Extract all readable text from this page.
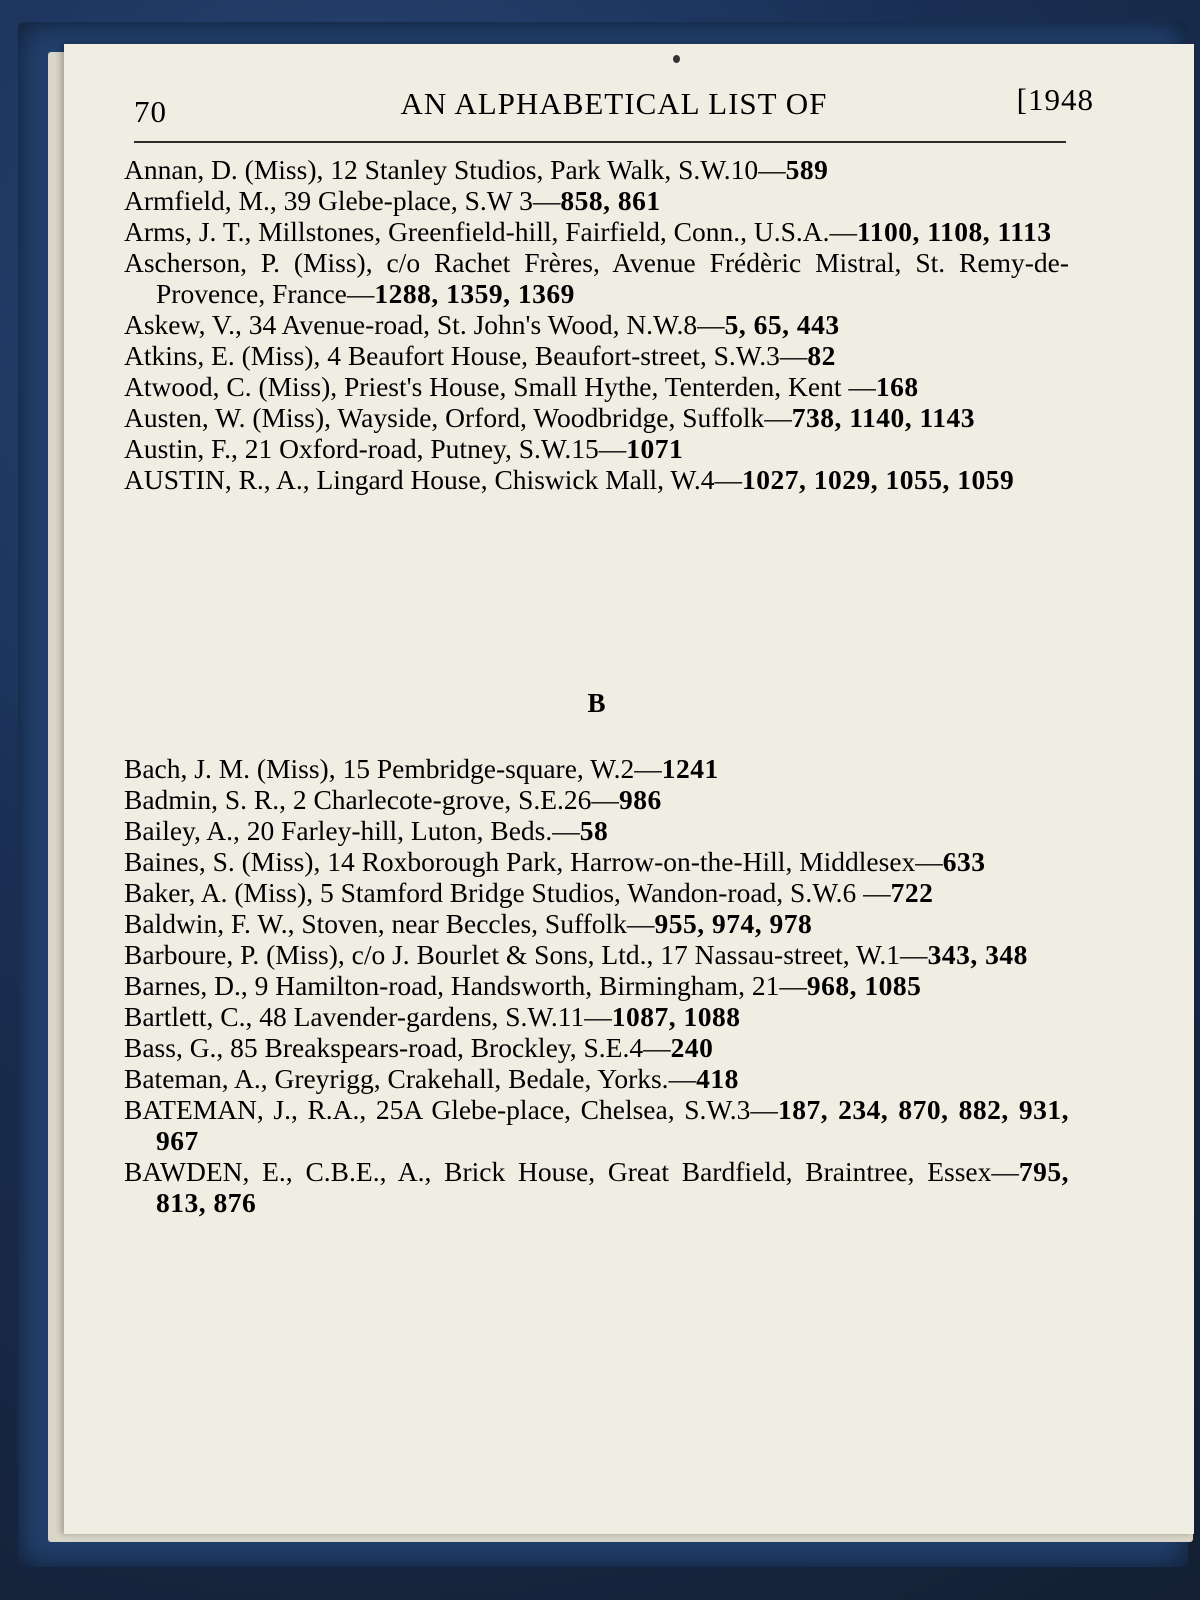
70	AN ALPHABETICAL LIST OF	[1948
Annan, D. (Miss), 12 Stanley Studios, Park Walk, S.W.10—589
Armfield, M., 39 Glebe-place, S.W 3—858, 861
Arms, J. T., Millstones, Greenfield-hill, Fairfield, Conn., U.S.A.—1100, 1108, 1113
Ascherson, P. (Miss), c/o Rachet Frères, Avenue Frédèric Mistral, St. Remy-de-Provence, France—1288, 1359, 1369
Askew, V., 34 Avenue-road, St. John's Wood, N.W.8—5, 65, 443
Atkins, E. (Miss), 4 Beaufort House, Beaufort-street, S.W.3—82
Atwood, C. (Miss), Priest's House, Small Hythe, Tenterden, Kent —168
Austen, W. (Miss), Wayside, Orford, Woodbridge, Suffolk—738, 1140, 1143
Austin, F., 21 Oxford-road, Putney, S.W.15—1071
AUSTIN, R., A., Lingard House, Chiswick Mall, W.4—1027, 1029, 1055, 1059
B
Bach, J. M. (Miss), 15 Pembridge-square, W.2—1241
Badmin, S. R., 2 Charlecote-grove, S.E.26—986
Bailey, A., 20 Farley-hill, Luton, Beds.—58
Baines, S. (Miss), 14 Roxborough Park, Harrow-on-the-Hill, Middlesex—633
Baker, A. (Miss), 5 Stamford Bridge Studios, Wandon-road, S.W.6 —722
Baldwin, F. W., Stoven, near Beccles, Suffolk—955, 974, 978
Barboure, P. (Miss), c/o J. Bourlet & Sons, Ltd., 17 Nassau-street, W.1—343, 348
Barnes, D., 9 Hamilton-road, Handsworth, Birmingham, 21—968, 1085
Bartlett, C., 48 Lavender-gardens, S.W.11—1087, 1088
Bass, G., 85 Breakspears-road, Brockley, S.E.4—240
Bateman, A., Greyrigg, Crakehall, Bedale, Yorks.—418
BATEMAN, J., R.A., 25A Glebe-place, Chelsea, S.W.3—187, 234, 870, 882, 931, 967
BAWDEN, E., C.B.E., A., Brick House, Great Bardfield, Braintree, Essex—795, 813, 876
